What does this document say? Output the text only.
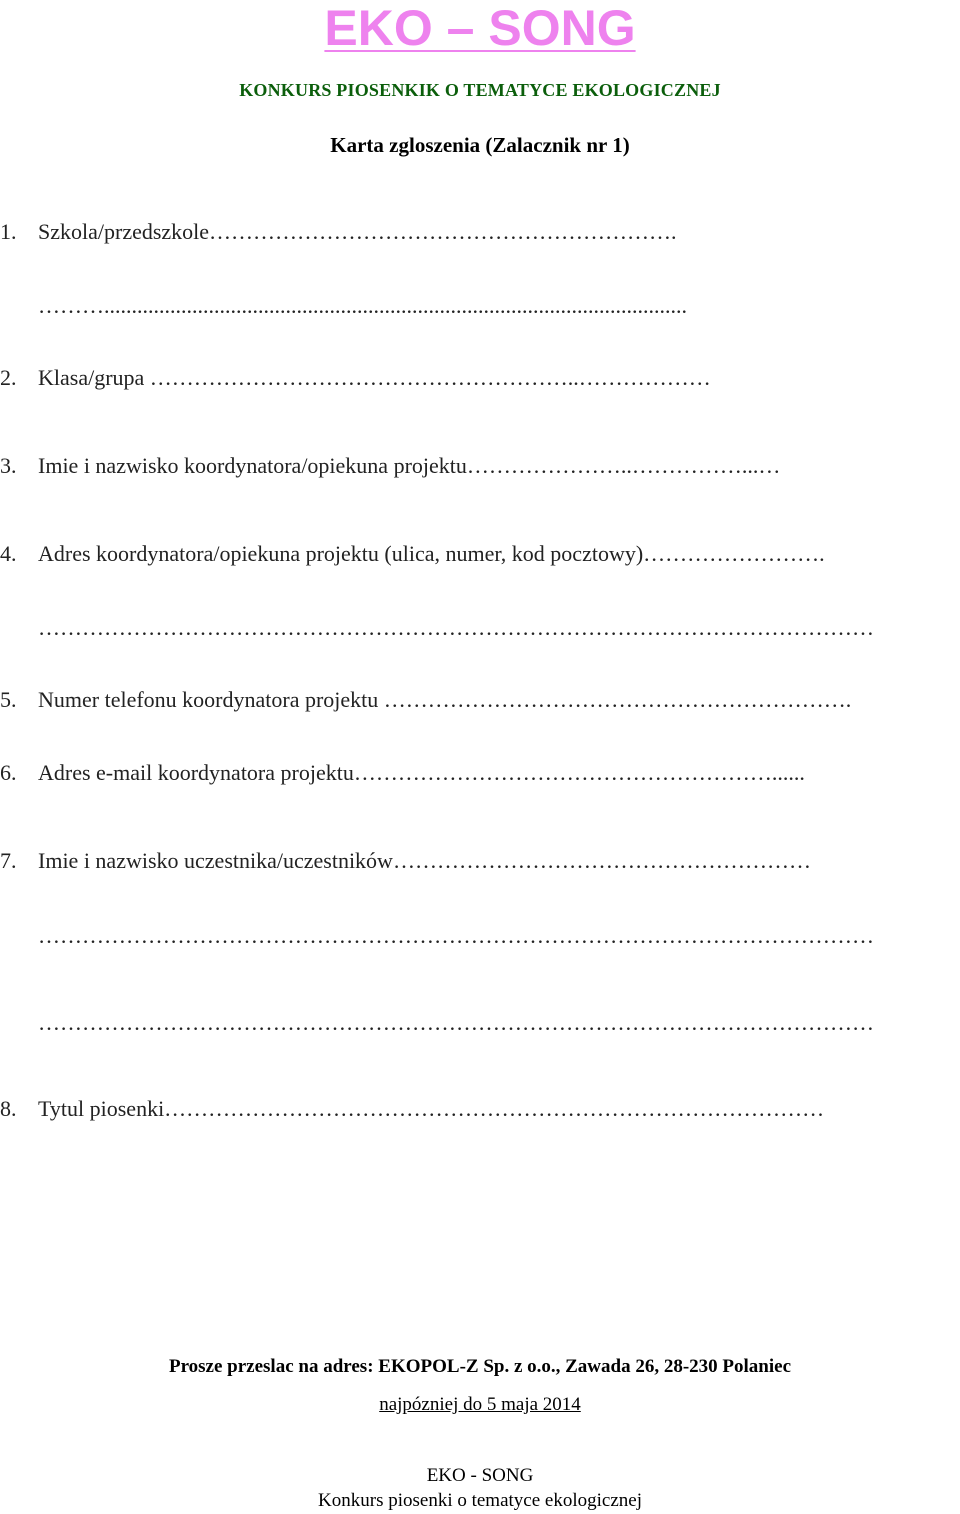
EKO – SONG
KONKURS PIOSENKIK O TEMATYCE EKOLOGICZNEJ
Karta zgloszenia (Zalacznik nr 1)
1. Szkola/przedszkole……………………………………………………….
………..........................................................................................................
2. Klasa/grupa …………………………………………………..………………
3. Imie i nazwisko koordynatora/opiekuna projektu…………………..……………...…
4. Adres koordynatora/opiekuna projektu (ulica, numer, kod pocztowy)…………………….
……………………………………………………………………………………………………
5. Numer telefonu koordynatora projektu ……………………………………………………….
6. Adres e-mail koordynatora projektu…………………………………………………......
7. Imie i nazwisko uczestnika/uczestników…………………………………………………
……………………………………………………………………………………………………
……………………………………………………………………………………………………
8. Tytul piosenki………………………………………………………………………………
Prosze przeslac na adres: EKOPOL-Z Sp. z o.o., Zawada 26, 28-230 Polaniec
najpózniej do 5 maja 2014
EKO - SONG
Konkurs piosenki o tematyce ekologicznej
